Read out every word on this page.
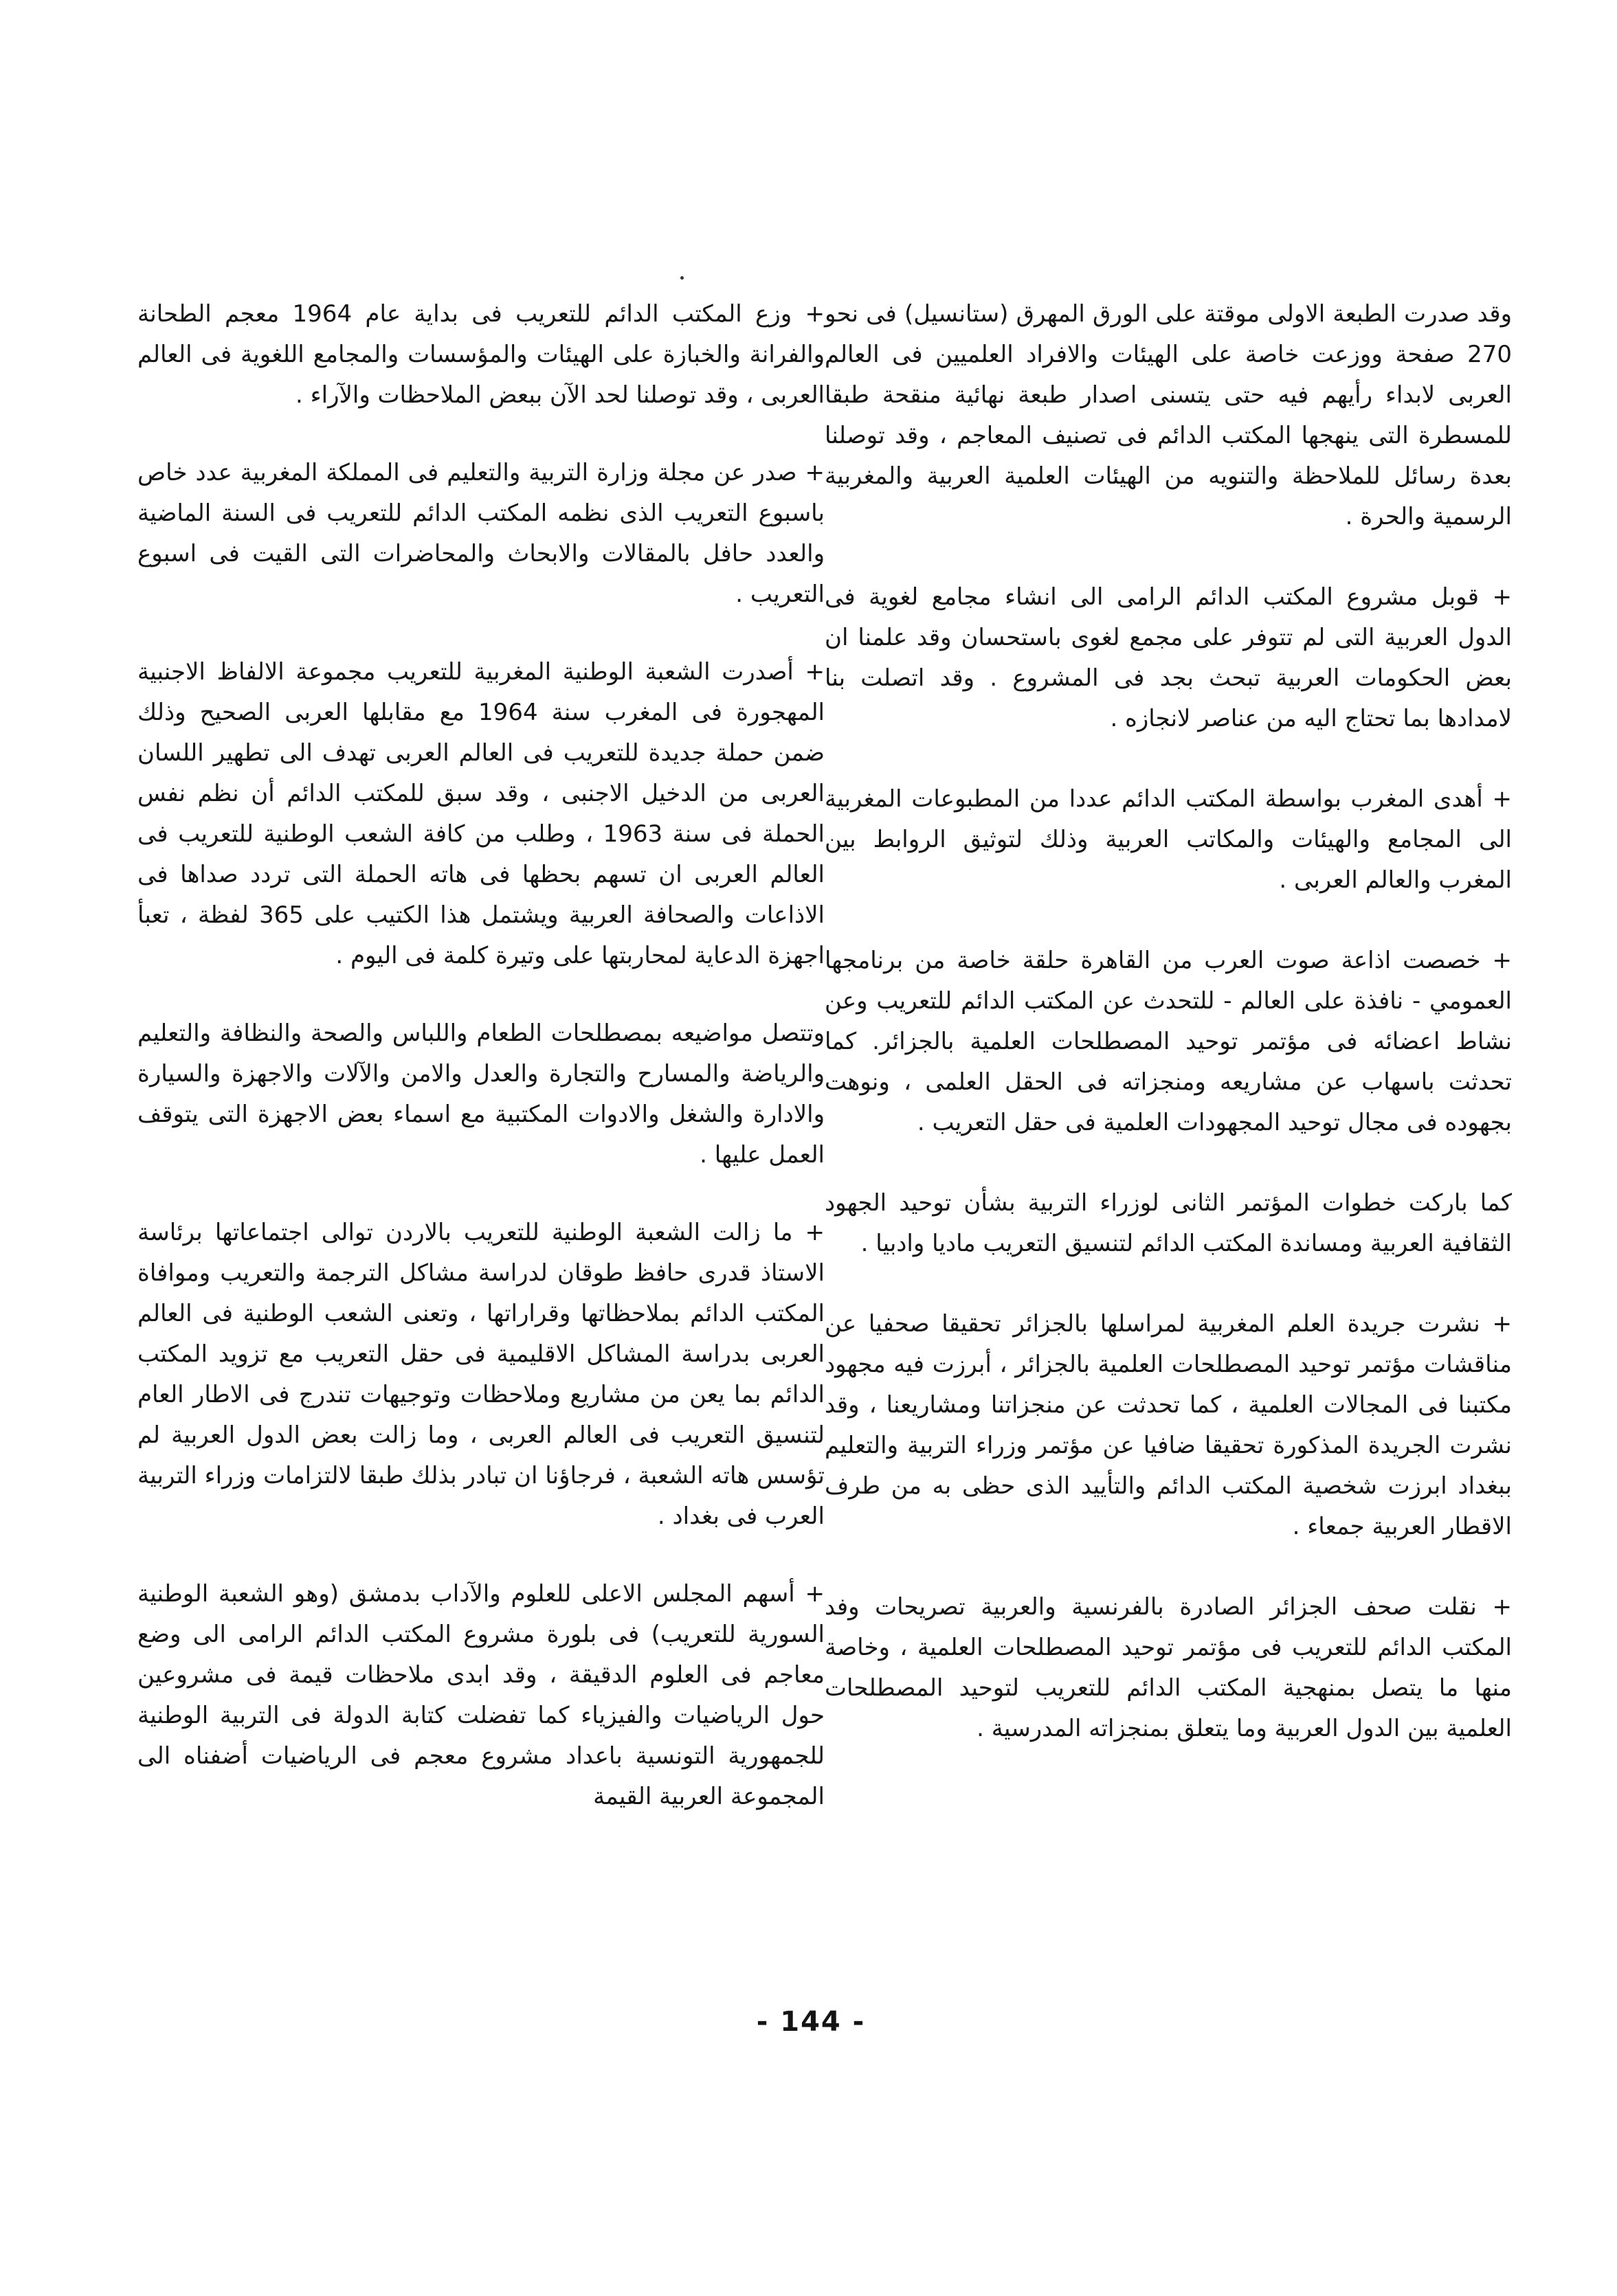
وقد صدرت الطبعة الاولى موقتة على الورق المهرق (ستانسيل) فى نحو 270 صفحة ووزعت خاصة على الهيئات والافراد العلميين فى العالم العربى لابداء رأيهم فيه حتى يتسنى اصدار طبعة نهائية منقحة طبقا للمسطرة التى ينهجها المكتب الدائم فى تصنيف المعاجم ، وقد توصلنا بعدة رسائل للملاحظة والتنويه من الهيئات العلمية العربية والمغربية الرسمية والحرة .

+ قوبل مشروع المكتب الدائم الرامى الى انشاء مجامع لغوية فى الدول العربية التى لم تتوفر على مجمع لغوى باستحسان وقد علمنا ان بعض الحكومات العربية تبحث بجد فى المشروع . وقد اتصلت بنا لامدادها بما تحتاج اليه من عناصر لانجازه .

+ أهدى المغرب بواسطة المكتب الدائم عددا من المطبوعات المغربية الى المجامع والهيئات والمكاتب العربية وذلك لتوثيق الروابط بين المغرب والعالم العربى .

+ خصصت اذاعة صوت العرب من القاهرة حلقة خاصة من برنامجها العمومي - نافذة على العالم - للتحدث عن المكتب الدائم للتعريب وعن نشاط اعضائه فى مؤتمر توحيد المصطلحات العلمية بالجزائر. كما تحدثت باسهاب عن مشاريعه ومنجزاته فى الحقل العلمى ، ونوهت بجهوده فى مجال توحيد المجهودات العلمية فى حقل التعريب .

كما باركت خطوات المؤتمر الثانى لوزراء التربية بشأن توحيد الجهود الثقافية العربية ومساندة المكتب الدائم لتنسيق التعريب ماديا وادبيا .

+ نشرت جريدة العلم المغربية لمراسلها بالجزائر تحقيقا صحفيا عن مناقشات مؤتمر توحيد المصطلحات العلمية بالجزائر ، أبرزت فيه مجهود مكتبنا فى المجالات العلمية ، كما تحدثت عن منجزاتنا ومشاريعنا ، وقد نشرت الجريدة المذكورة تحقيقا ضافيا عن مؤتمر وزراء التربية والتعليم ببغداد ابرزت شخصية المكتب الدائم والتأييد الذى حظى به من طرف الاقطار العربية جمعاء .

+ نقلت صحف الجزائر الصادرة بالفرنسية والعربية تصريحات وفد المكتب الدائم للتعريب فى مؤتمر توحيد المصطلحات العلمية ، وخاصة منها ما يتصل بمنهجية المكتب الدائم للتعريب لتوحيد المصطلحات العلمية بين الدول العربية وما يتعلق بمنجزاته المدرسية .

+ وزع المكتب الدائم للتعريب فى بداية عام 1964 معجم الطحانة والفرانة والخبازة على الهيئات والمؤسسات والمجامع اللغوية فى العالم العربى ، وقد توصلنا لحد الآن ببعض الملاحظات والآراء .

+ صدر عن مجلة وزارة التربية والتعليم فى المملكة المغربية عدد خاص باسبوع التعريب الذى نظمه المكتب الدائم للتعريب فى السنة الماضية والعدد حافل بالمقالات والابحاث والمحاضرات التى القيت فى اسبوع التعريب .

+ أصدرت الشعبة الوطنية المغربية للتعريب مجموعة الالفاظ الاجنبية المهجورة فى المغرب سنة 1964 مع مقابلها العربى الصحيح وذلك ضمن حملة جديدة للتعريب فى العالم العربى تهدف الى تطهير اللسان العربى من الدخيل الاجنبى ، وقد سبق للمكتب الدائم أن نظم نفس الحملة فى سنة 1963 ، وطلب من كافة الشعب الوطنية للتعريب فى العالم العربى ان تسهم بحظها فى هاته الحملة التى تردد صداها فى الاذاعات والصحافة العربية ويشتمل هذا الكتيب على 365 لفظة ، تعبأ اجهزة الدعاية لمحاربتها على وتيرة كلمة فى اليوم .

وتتصل مواضيعه بمصطلحات الطعام واللباس والصحة والنظافة والتعليم والرياضة والمسارح والتجارة والعدل والامن والآلات والاجهزة والسيارة والادارة والشغل والادوات المكتبية مع اسماء بعض الاجهزة التى يتوقف العمل عليها .

+ ما زالت الشعبة الوطنية للتعريب بالاردن توالى اجتماعاتها برئاسة الاستاذ قدرى حافظ طوقان لدراسة مشاكل الترجمة والتعريب وموافاة المكتب الدائم بملاحظاتها وقراراتها ، وتعنى الشعب الوطنية فى العالم العربى بدراسة المشاكل الاقليمية فى حقل التعريب مع تزويد المكتب الدائم بما يعن من مشاريع وملاحظات وتوجيهات تندرج فى الاطار العام لتنسيق التعريب فى العالم العربى ، وما زالت بعض الدول العربية لم تؤسس هاته الشعبة ، فرجاؤنا ان تبادر بذلك طبقا لالتزامات وزراء التربية العرب فى بغداد .

+ أسهم المجلس الاعلى للعلوم والآداب بدمشق (وهو الشعبة الوطنية السورية للتعريب) فى بلورة مشروع المكتب الدائم الرامى الى وضع معاجم فى العلوم الدقيقة ، وقد ابدى ملاحظات قيمة فى مشروعين حول الرياضيات والفيزياء كما تفضلت كتابة الدولة فى التربية الوطنية للجمهورية التونسية باعداد مشروع معجم فى الرياضيات أضفناه الى المجموعة العربية القيمة

- 144 -
